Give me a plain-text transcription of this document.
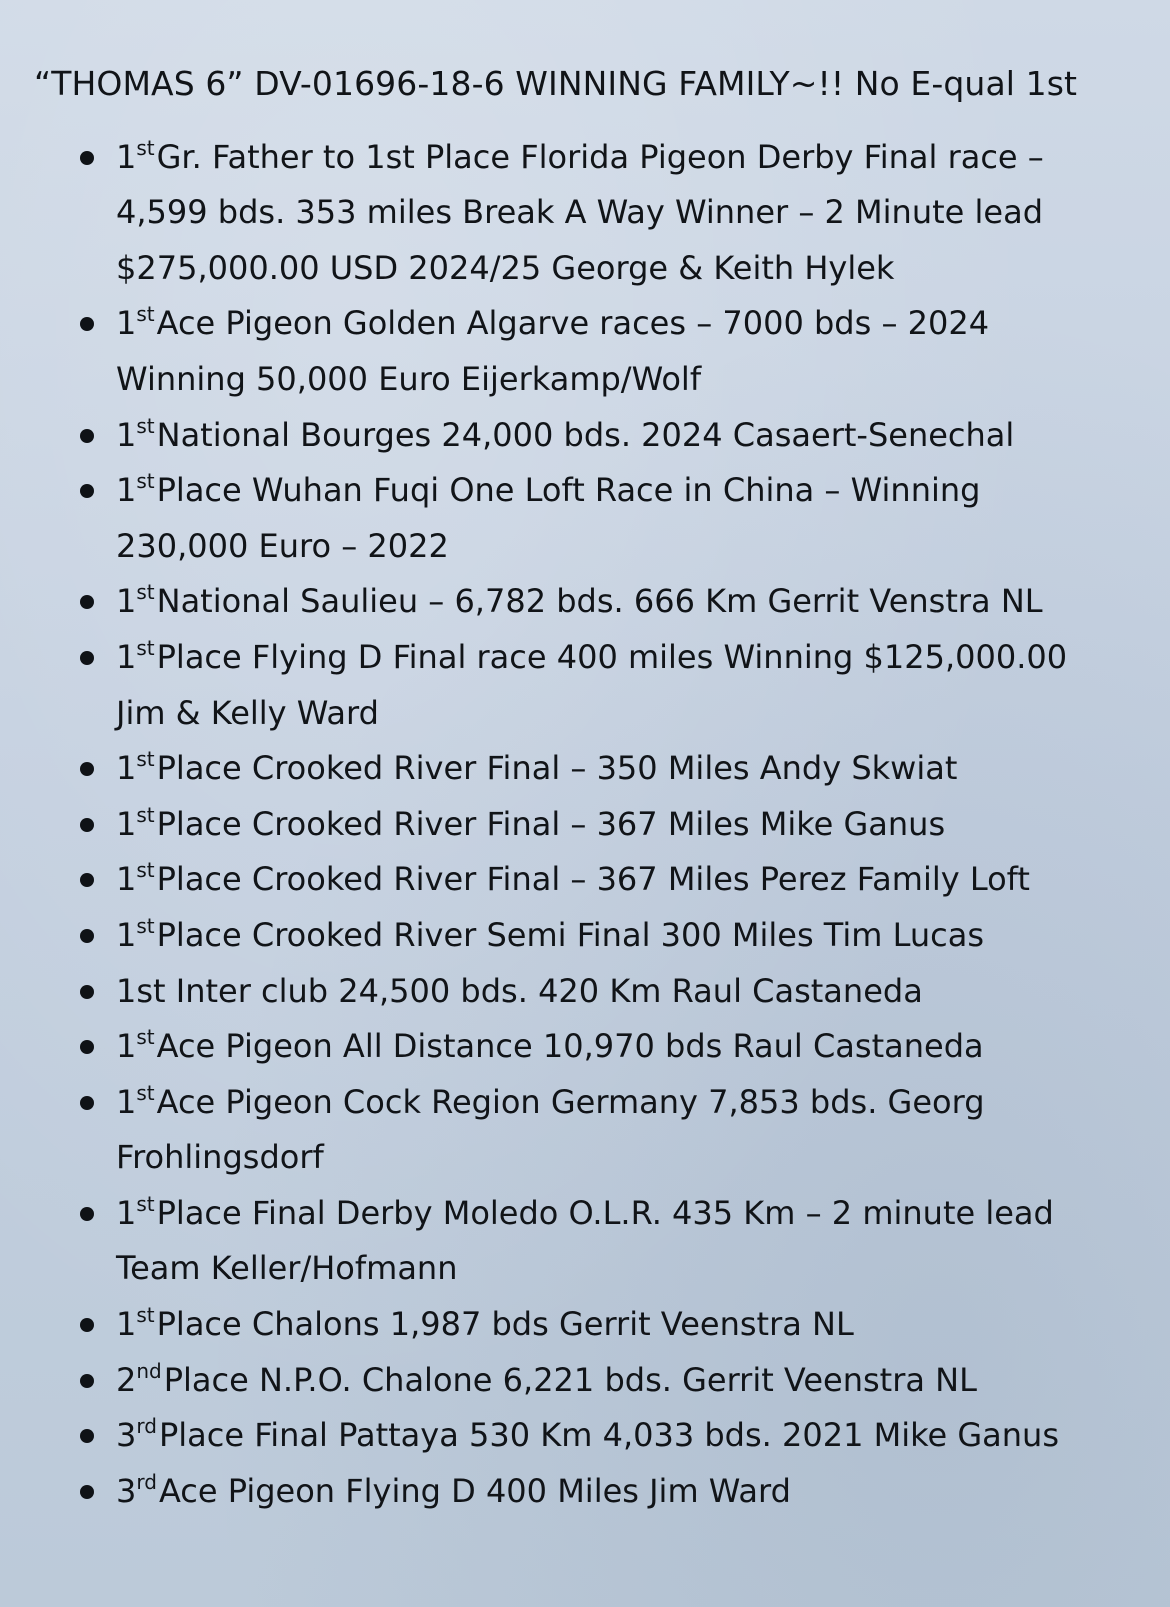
“THOMAS 6” DV-01696-18-6 WINNING FAMILY~!! No E-qual 1st
1stGr. Father to 1st Place Florida Pigeon Derby Final race –
4,599 bds. 353 miles Break A Way Winner – 2 Minute lead
$275,000.00 USD 2024/25 George & Keith Hylek
1stAce Pigeon Golden Algarve races – 7000 bds – 2024
Winning 50,000 Euro Eijerkamp/Wolf
1stNational Bourges 24,000 bds. 2024 Casaert-Senechal
1stPlace Wuhan Fuqi One Loft Race in China – Winning
230,000 Euro – 2022
1stNational Saulieu – 6,782 bds. 666 Km Gerrit Venstra NL
1stPlace Flying D Final race 400 miles Winning $125,000.00
Jim & Kelly Ward
1stPlace Crooked River Final – 350 Miles Andy Skwiat
1stPlace Crooked River Final – 367 Miles Mike Ganus
1stPlace Crooked River Final – 367 Miles Perez Family Loft
1stPlace Crooked River Semi Final 300 Miles Tim Lucas
1st Inter club 24,500 bds. 420 Km Raul Castaneda
1stAce Pigeon All Distance 10,970 bds Raul Castaneda
1stAce Pigeon Cock Region Germany 7,853 bds. Georg
Frohlingsdorf
1stPlace Final Derby Moledo O.L.R. 435 Km – 2 minute lead
Team Keller/Hofmann
1stPlace Chalons 1,987 bds Gerrit Veenstra NL
2ndPlace N.P.O. Chalone 6,221 bds. Gerrit Veenstra NL
3rdPlace Final Pattaya 530 Km 4,033 bds. 2021 Mike Ganus
3rdAce Pigeon Flying D 400 Miles Jim Ward
